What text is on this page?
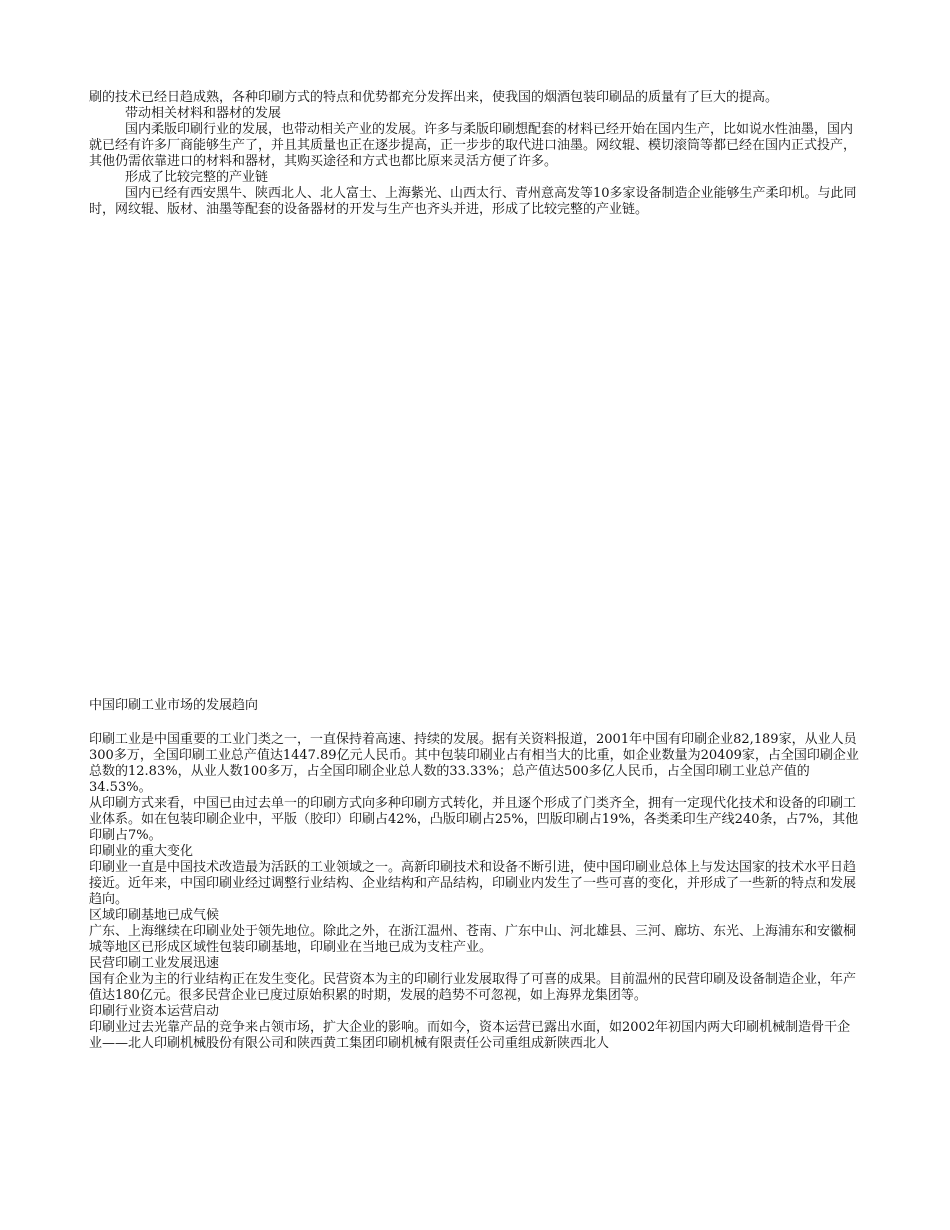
刷的技术已经日趋成熟，各种印刷方式的特点和优势都充分发挥出来，使我国的烟酒包装印刷品的质量有了巨大的提高。

带动相关材料和器材的发展

国内柔版印刷行业的发展，也带动相关产业的发展。许多与柔版印刷想配套的材料已经开始在国内生产，比如说水性油墨，国内就已经有许多厂商能够生产了，并且其质量也正在逐步提高，正一步步的取代进口油墨。网纹辊、模切滚筒等都已经在国内正式投产，其他仍需依靠进口的材料和器材，其购买途径和方式也都比原来灵活方便了许多。

形成了比较完整的产业链

国内已经有西安黑牛、陕西北人、北人富士、上海紫光、山西太行、青州意高发等10多家设备制造企业能够生产柔印机。与此同时，网纹辊、版材、油墨等配套的设备器材的开发与生产也齐头并进，形成了比较完整的产业链。

中国印刷工业市场的发展趋向

印刷工业是中国重要的工业门类之一，一直保持着高速、持续的发展。据有关资料报道，2001年中国有印刷企业82,189家，从业人员300多万，全国印刷工业总产值达1447.89亿元人民币。其中包装印刷业占有相当大的比重，如企业数量为20409家，占全国印刷企业总数的12.83%，从业人数100多万，占全国印刷企业总人数的33.33%；总产值达500多亿人民币，占全国印刷工业总产值的34.53%。

从印刷方式来看，中国已由过去单一的印刷方式向多种印刷方式转化，并且逐个形成了门类齐全，拥有一定现代化技术和设备的印刷工业体系。如在包装印刷企业中，平版（胶印）印刷占42%，凸版印刷占25%，凹版印刷占19%，各类柔印生产线240条，占7%，其他印刷占7%。

印刷业的重大变化

印刷业一直是中国技术改造最为活跃的工业领域之一。高新印刷技术和设备不断引进，使中国印刷业总体上与发达国家的技术水平日趋接近。近年来，中国印刷业经过调整行业结构、企业结构和产品结构，印刷业内发生了一些可喜的变化，并形成了一些新的特点和发展趋向。

区域印刷基地已成气候

广东、上海继续在印刷业处于领先地位。除此之外，在浙江温州、苍南、广东中山、河北雄县、三河、廊坊、东光、上海浦东和安徽桐城等地区已形成区域性包装印刷基地，印刷业在当地已成为支柱产业。

民营印刷工业发展迅速

国有企业为主的行业结构正在发生变化。民营资本为主的印刷行业发展取得了可喜的成果。目前温州的民营印刷及设备制造企业，年产值达180亿元。很多民营企业已度过原始积累的时期，发展的趋势不可忽视，如上海界龙集团等。

印刷行业资本运营启动

印刷业过去光靠产品的竞争来占领市场，扩大企业的影响。而如今，资本运营已露出水面，如2002年初国内两大印刷机械制造骨干企业——北人印刷机械股份有限公司和陕西黄工集团印刷机械有限责任公司重组成新陕西北人
